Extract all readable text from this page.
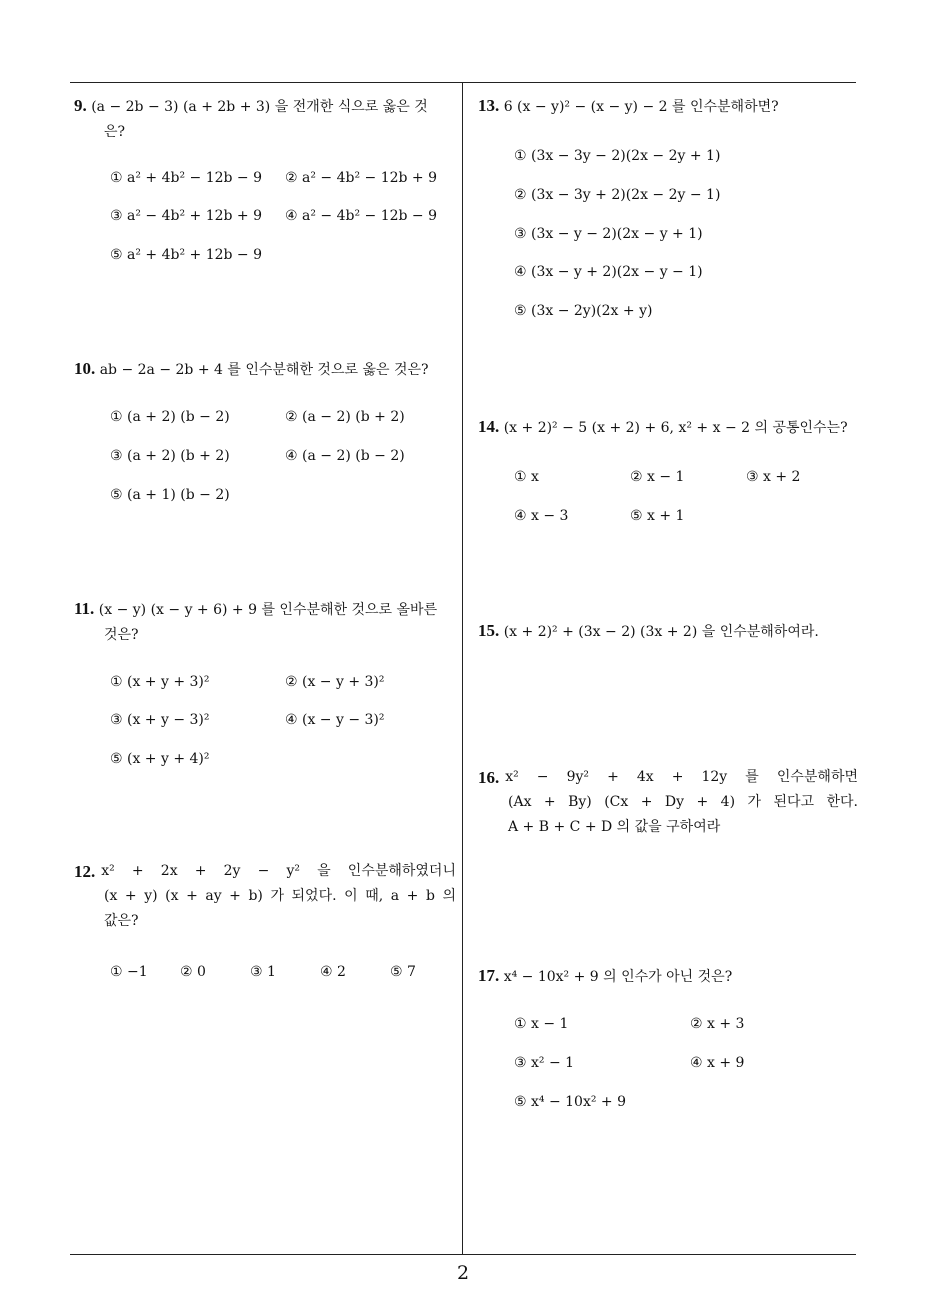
9. (a − 2b − 3) (a + 2b + 3) 을 전개한 식으로 옳은 것
은?
① a² + 4b² − 12b − 9 ② a² − 4b² − 12b + 9
③ a² − 4b² + 12b + 9 ④ a² − 4b² − 12b − 9
⑤ a² + 4b² + 12b − 9
10. ab − 2a − 2b + 4 를 인수분해한 것으로 옳은 것은?
① (a + 2) (b − 2)	② (a − 2) (b + 2)
③ (a + 2) (b + 2)	④ (a − 2) (b − 2)
⑤ (a + 1) (b − 2)
11. (x − y) (x − y + 6) + 9 를 인수분해한 것으로 올바른
것은?
① (x + y + 3)²	② (x − y + 3)²
③ (x + y − 3)²	④ (x − y − 3)²
⑤ (x + y + 4)²
12. x² + 2x + 2y − y² 을 인수분해하였더니
(x + y) (x + ay + b) 가 되었다. 이 때, a + b 의
값은?
① −1 ② 0	③ 1	④ 2	⑤ 7
13. 6 (x − y)² − (x − y) − 2 를 인수분해하면?
① (3x − 3y − 2)(2x − 2y + 1)
② (3x − 3y + 2)(2x − 2y − 1)
③ (3x − y − 2)(2x − y + 1)
④ (3x − y + 2)(2x − y − 1)
⑤ (3x − 2y)(2x + y)
14. (x + 2)² − 5 (x + 2) + 6, x² + x − 2 의 공통인수는?
① x	② x − 1	③ x + 2
④ x − 3	⑤ x + 1
15. (x + 2)² + (3x − 2) (3x + 2) 을 인수분해하여라.
16. x² − 9y² + 4x + 12y 를 인수분해하면
(Ax + By) (Cx + Dy + 4) 가 된다고 한다.
A + B + C + D 의 값을 구하여라
17. x⁴ − 10x² + 9 의 인수가 아닌 것은?
① x − 1	② x + 3
③ x² − 1	④ x + 9
⑤ x⁴ − 10x² + 9
2
